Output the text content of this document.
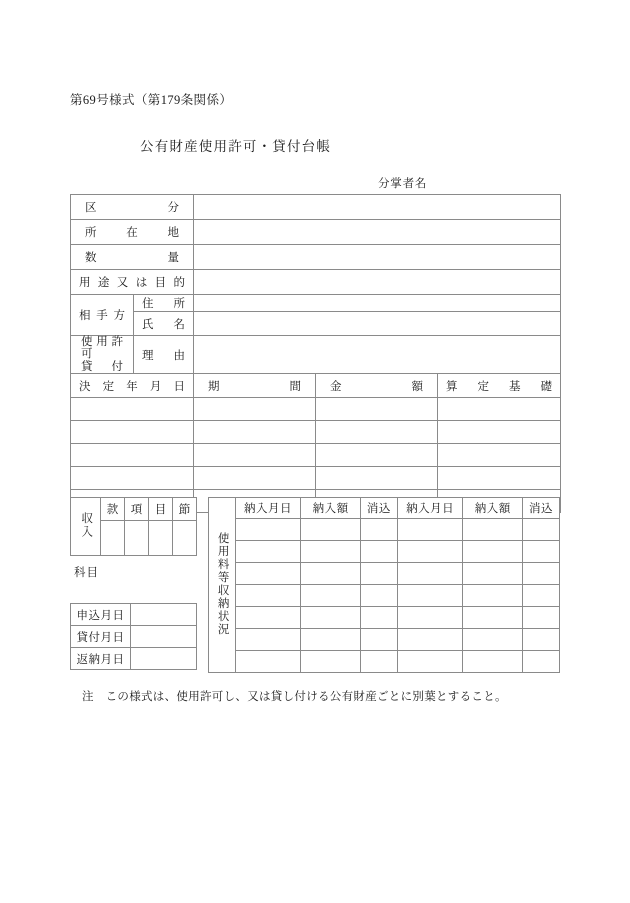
第69号様式（第179条関係）
公有財産使用許可・貸付台帳
分掌者名
区分				

所在地				

数量				

用途又は目的				

相手方	住所			

	氏名			

使用許可
貸付	理由			

決定年月日		期間	金額	算定基礎

収入	款	項	目	節

科目
申込月日	
貸付月日	
返納月日	
使用料等収納状況	納入月日	納入額	消込	納入月日	納入額	消込

注　この様式は、使用許可し、又は貸し付ける公有財産ごとに別葉とすること。
